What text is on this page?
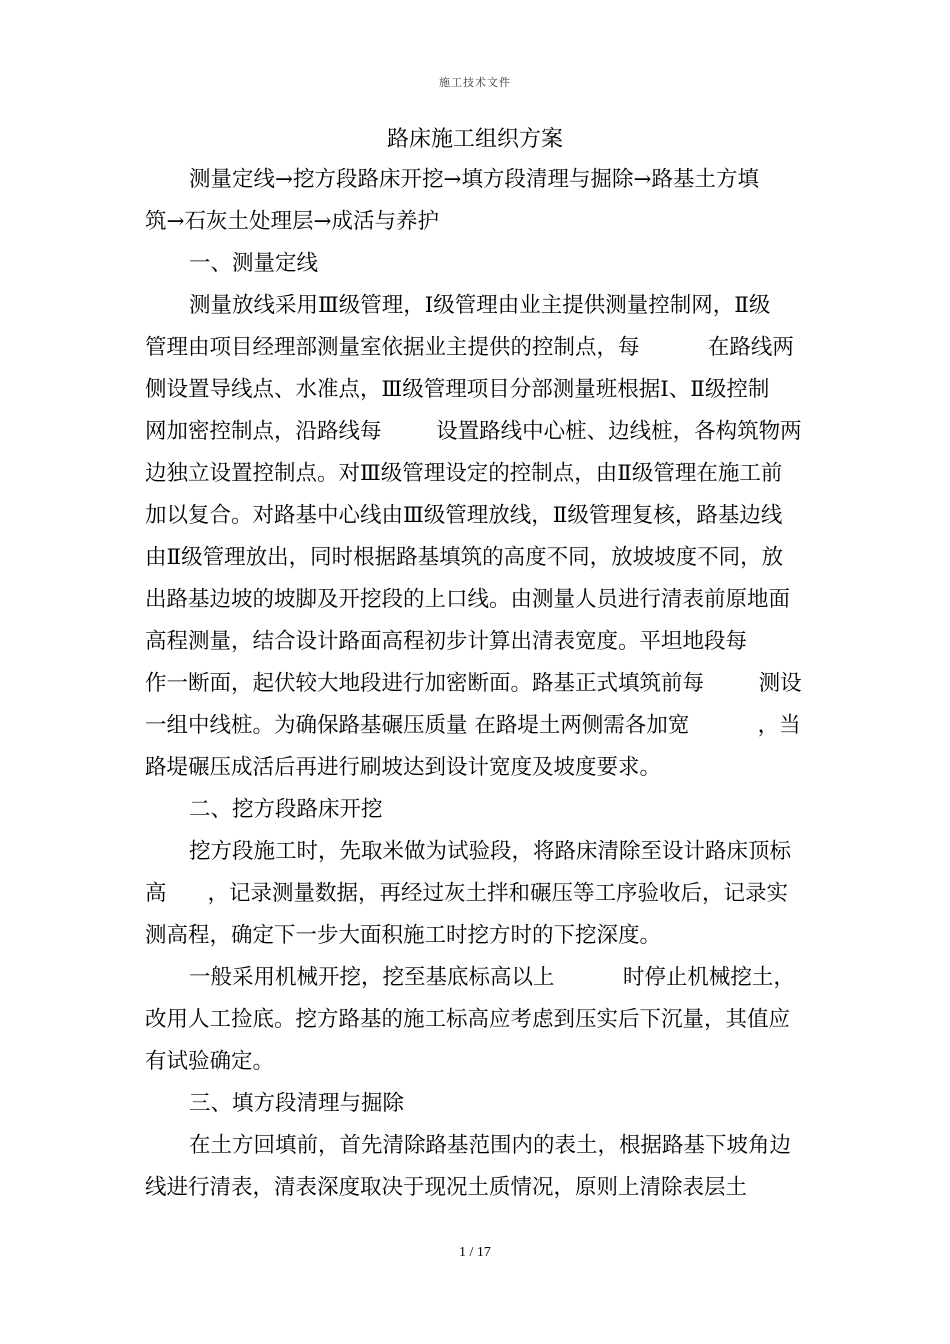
施工技术文件
路床施工组织方案
测量定线→挖方段路床开挖→填方段清理与掘除→路基土方填
筑→石灰土处理层→成活与养护
一、测量定线
测量放线采用Ⅲ级管理，Ⅰ级管理由业主提供测量控制网，Ⅱ级
管理由项目经理部测量室依据业主提供的控制点，每          在路线两
侧设置导线点、水准点，Ⅲ级管理项目分部测量班根据Ⅰ、Ⅱ级控制
网加密控制点，沿路线每        设置路线中心桩、边线桩，各构筑物两
边独立设置控制点。对Ⅲ级管理设定的控制点，由Ⅱ级管理在施工前
加以复合。对路基中心线由Ⅲ级管理放线，Ⅱ级管理复核，路基边线
由Ⅱ级管理放出，同时根据路基填筑的高度不同，放坡坡度不同，放
出路基边坡的坡脚及开挖段的上口线。由测量人员进行清表前原地面
高程测量，结合设计路面高程初步计算出清表宽度。平坦地段每
作一断面，起伏较大地段进行加密断面。路基正式填筑前每        测设
一组中线桩。为确保路基碾压质量 在路堤土两侧需各加宽          ，当
路堤碾压成活后再进行刷坡达到设计宽度及坡度要求。
二、挖方段路床开挖
挖方段施工时，先取米做为试验段，将路床清除至设计路床顶标
高      ，记录测量数据，再经过灰土拌和碾压等工序验收后，记录实
测高程，确定下一步大面积施工时挖方时的下挖深度。
一般采用机械开挖，挖至基底标高以上          时停止机械挖土，
改用人工捡底。挖方路基的施工标高应考虑到压实后下沉量，其值应
有试验确定。
三、填方段清理与掘除
在土方回填前，首先清除路基范围内的表土，根据路基下坡角边
线进行清表，清表深度取决于现况土质情况，原则上清除表层土
1 / 17
